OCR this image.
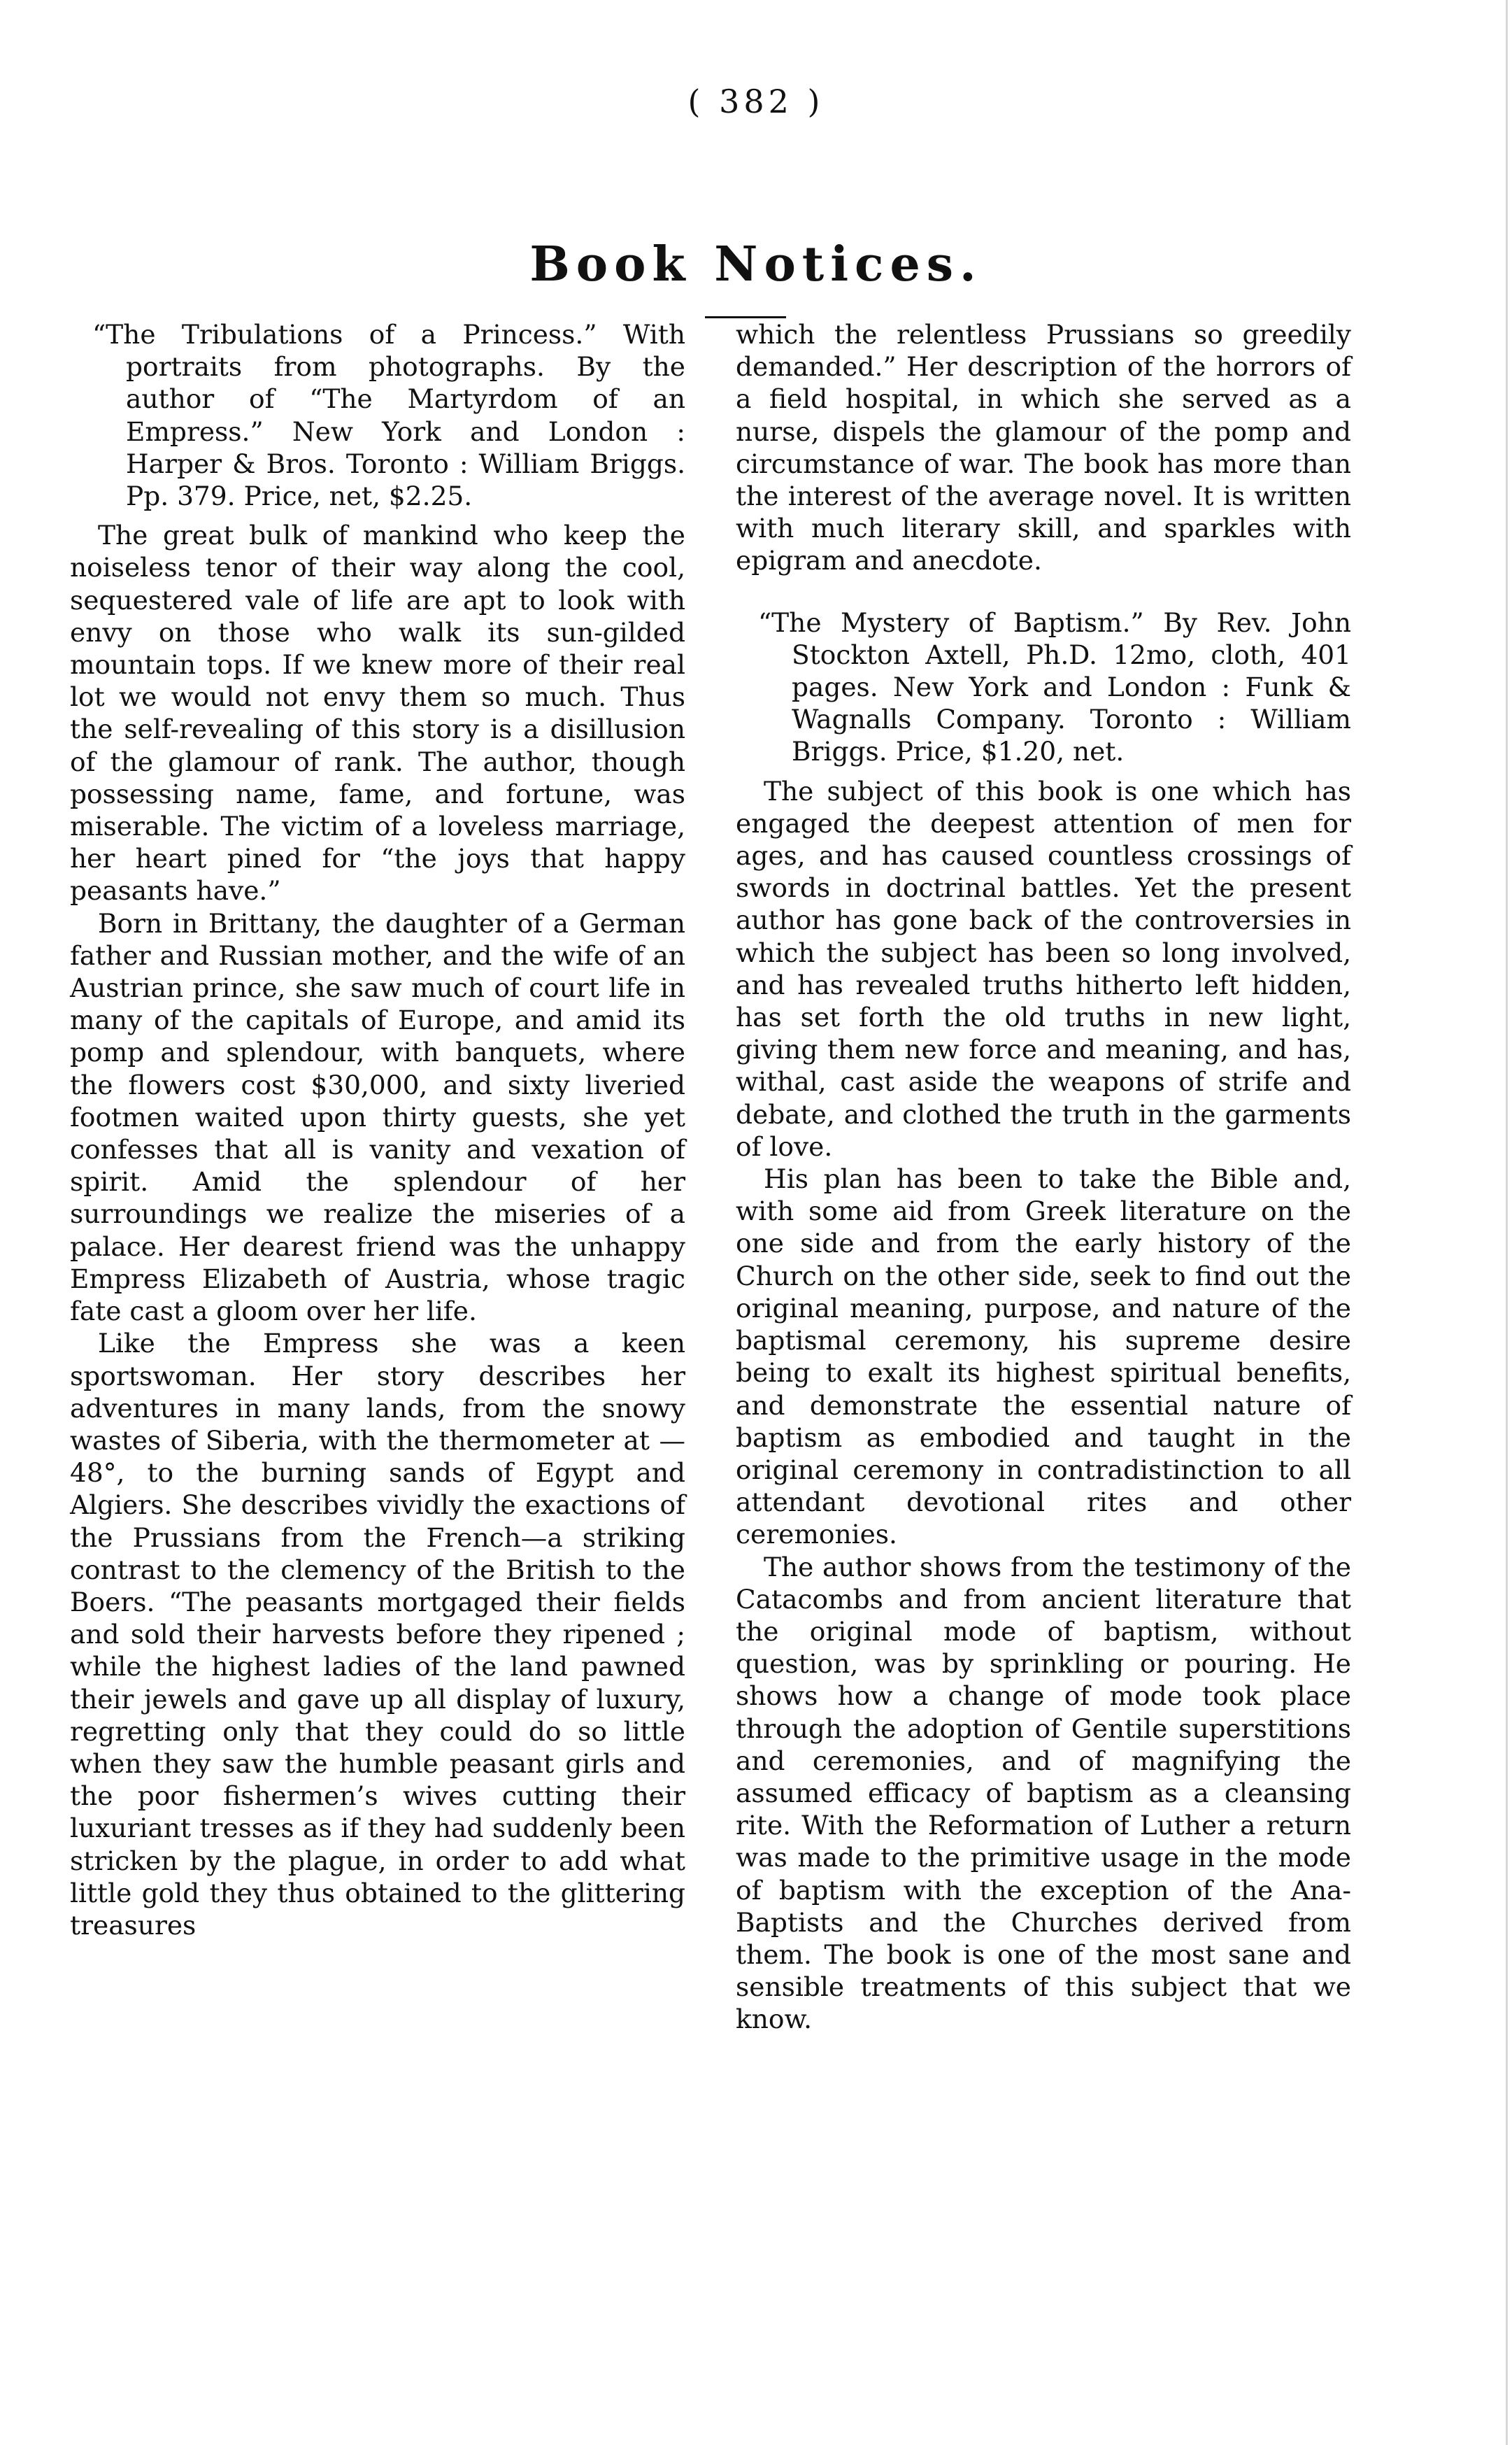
( 382 )
Book Notices.

“The Tribulations of a Princess.” With portraits from photographs. By the author of “The Martyrdom of an Empress.” New York and London : Harper & Bros. Toronto : William Briggs. Pp. 379. Price, net, $2.25.

The great bulk of mankind who keep the noiseless tenor of their way along the cool, sequestered vale of life are apt to look with envy on those who walk its sun-gilded mountain tops. If we knew more of their real lot we would not envy them so much. Thus the self-revealing of this story is a disillusion of the glamour of rank. The author, though possessing name, fame, and fortune, was miserable. The victim of a loveless marriage, her heart pined for “the joys that happy peasants have.”

Born in Brittany, the daughter of a German father and Russian mother, and the wife of an Austrian prince, she saw much of court life in many of the capitals of Europe, and amid its pomp and splendour, with banquets, where the flowers cost $30,000, and sixty liveried footmen waited upon thirty guests, she yet confesses that all is vanity and vexation of spirit. Amid the splendour of her surroundings we realize the miseries of a palace. Her dearest friend was the unhappy Empress Elizabeth of Austria, whose tragic fate cast a gloom over her life.

Like the Empress she was a keen sportswoman. Her story describes her adventures in many lands, from the snowy wastes of Siberia, with the thermometer at — 48°, to the burning sands of Egypt and Algiers. She describes vividly the exactions of the Prussians from the French—a striking contrast to the clemency of the British to the Boers. “The peasants mortgaged their fields and sold their harvests before they ripened ; while the highest ladies of the land pawned their jewels and gave up all display of luxury, regretting only that they could do so little when they saw the humble peasant girls and the poor fishermen’s wives cutting their luxuriant tresses as if they had suddenly been stricken by the plague, in order to add what little gold they thus obtained to the glittering treasures

which the relentless Prussians so greedily demanded.” Her description of the horrors of a field hospital, in which she served as a nurse, dispels the glamour of the pomp and circumstance of war. The book has more than the interest of the average novel. It is written with much literary skill, and sparkles with epigram and anecdote.

“The Mystery of Baptism.” By Rev. John Stockton Axtell, Ph.D. 12mo, cloth, 401 pages. New York and London : Funk & Wagnalls Company. Toronto : William Briggs. Price, $1.20, net.

The subject of this book is one which has engaged the deepest attention of men for ages, and has caused countless crossings of swords in doctrinal battles. Yet the present author has gone back of the controversies in which the subject has been so long involved, and has revealed truths hitherto left hidden, has set forth the old truths in new light, giving them new force and meaning, and has, withal, cast aside the weapons of strife and debate, and clothed the truth in the garments of love.

His plan has been to take the Bible and, with some aid from Greek literature on the one side and from the early history of the Church on the other side, seek to find out the original meaning, purpose, and nature of the baptismal ceremony, his supreme desire being to exalt its highest spiritual benefits, and demonstrate the essential nature of baptism as embodied and taught in the original ceremony in contradistinction to all attendant devotional rites and other ceremonies.

The author shows from the testimony of the Catacombs and from ancient literature that the original mode of baptism, without question, was by sprinkling or pouring. He shows how a change of mode took place through the adoption of Gentile superstitions and ceremonies, and of magnifying the assumed efficacy of baptism as a cleansing rite. With the Reformation of Luther a return was made to the primitive usage in the mode of baptism with the exception of the Ana-Baptists and the Churches derived from them. The book is one of the most sane and sensible treatments of this subject that we know.
